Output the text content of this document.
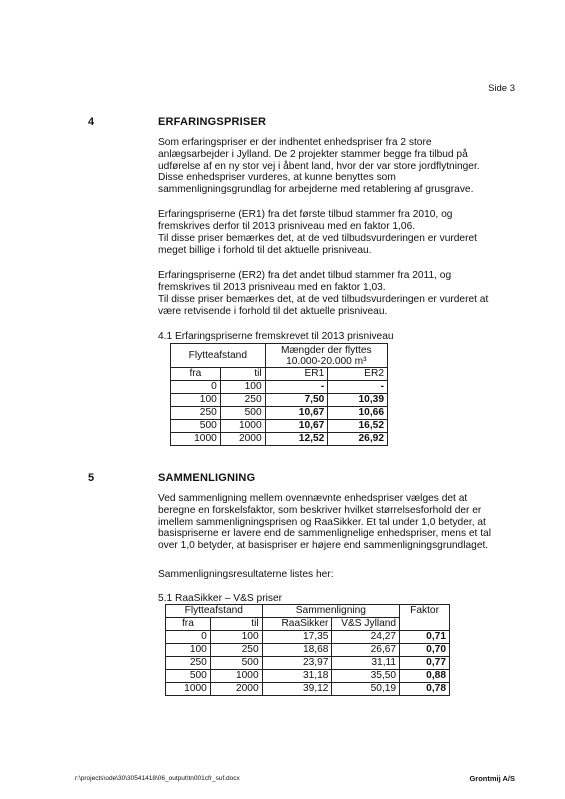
Side 3
4	ERFARINGSPRISER
Som erfaringspriser er der indhentet enhedspriser fra 2 store anlægsarbejder i Jylland. De 2 projekter stammer begge fra tilbud på udførelse af en ny stor vej i åbent land, hvor der var store jordflytninger. Disse enhedspriser vurderes, at kunne benyttes som sammenligningsgrundlag for arbejderne med retablering af grusgrave.
Erfaringspriserne (ER1) fra det første tilbud stammer fra 2010, og fremskrives derfor til 2013 prisniveau med en faktor 1,06.
Til disse priser bemærkes det, at de ved tilbudsvurderingen er vurderet meget billige i forhold til det aktuelle prisniveau.
Erfaringspriserne (ER2) fra det andet tilbud stammer fra 2011, og fremskrives til 2013 prisniveau med en faktor 1,03.
Til disse priser bemærkes det, at de ved tilbudsvurderingen er vurderet at være retvisende i forhold til det aktuelle prisniveau.
4.1 Erfaringspriserne fremskrevet til 2013 prisniveau
Flytteafstand		Mængder der flyttes
10.000-20.000 m³	

fra	til	ER1	ER2
0	100	-	-
100	250	7,50	10,39
250	500	10,67	10,66
500	1000	10,67	16,52
1000	2000	12,52	26,92
5	SAMMENLIGNING
Ved sammenligning mellem ovennævnte enhedspriser vælges det at beregne en forskelsfaktor, som beskriver hvilket størrelsesforhold der er imellem sammenligningsprisen og RaaSikker. Et tal under 1,0 betyder, at basispriserne er lavere end de sammenlignelige enhedspriser, mens et tal over 1,0 betyder, at basispriser er højere end sammenligningsgrundlaget.
Sammenligningsresultaterne listes her:
5.1 RaaSikker – V&S priser
Flytteafstand		Sammenligning		Faktor
fra	til	RaaSikker	V&S Jylland	
0	100	17,35	24,27	0,71
100	250	18,68	26,67	0,70
250	500	23,97	31,11	0,77
500	1000	31,18	35,50	0,88
1000	2000	39,12	50,19	0,78
r:\projects\ode\30\30541418\06_output\tn001cfr_suf.docx	Grontmij A/S
